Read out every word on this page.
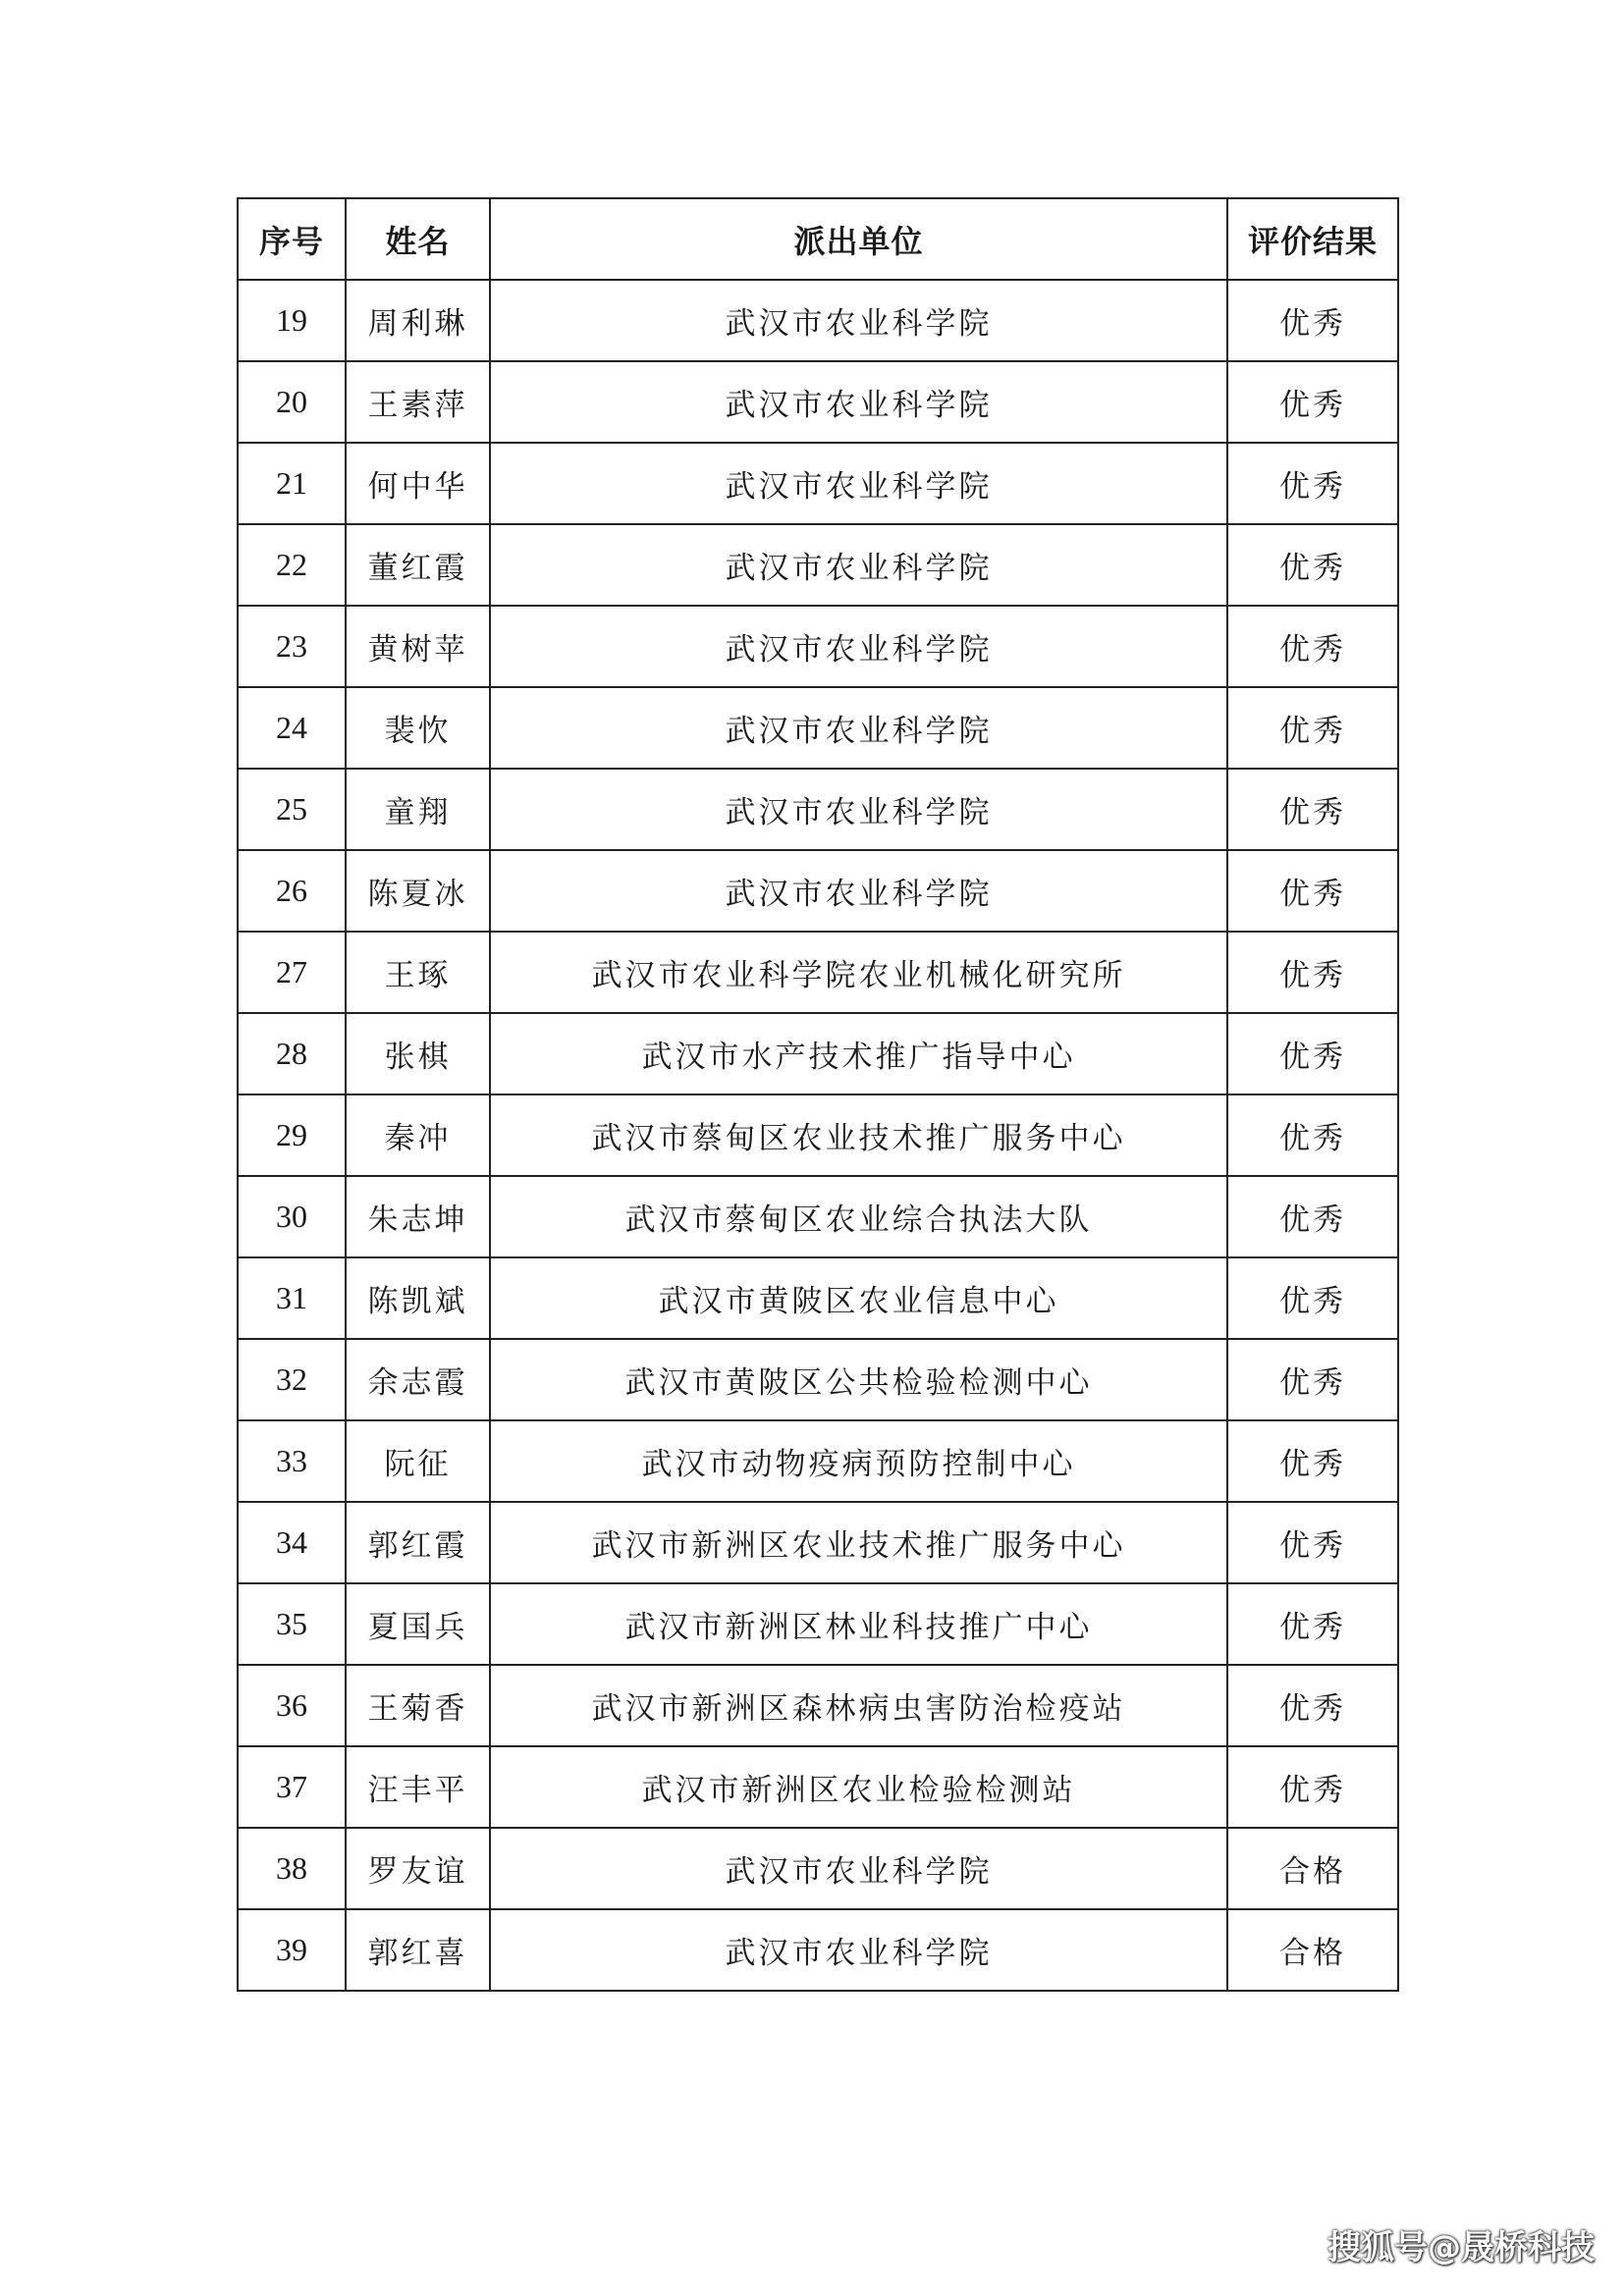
序号	姓名	派出单位	评价结果
19	周利琳	武汉市农业科学院	优秀
20	王素萍	武汉市农业科学院	优秀
21	何中华	武汉市农业科学院	优秀
22	董红霞	武汉市农业科学院	优秀
23	黄树苹	武汉市农业科学院	优秀
24	裴忺	武汉市农业科学院	优秀
25	童翔	武汉市农业科学院	优秀
26	陈夏冰	武汉市农业科学院	优秀
27	王琢	武汉市农业科学院农业机械化研究所	优秀
28	张棋	武汉市水产技术推广指导中心	优秀
29	秦冲	武汉市蔡甸区农业技术推广服务中心	优秀
30	朱志坤	武汉市蔡甸区农业综合执法大队	优秀
31	陈凯斌	武汉市黄陂区农业信息中心	优秀
32	余志霞	武汉市黄陂区公共检验检测中心	优秀
33	阮征	武汉市动物疫病预防控制中心	优秀
34	郭红霞	武汉市新洲区农业技术推广服务中心	优秀
35	夏国兵	武汉市新洲区林业科技推广中心	优秀
36	王菊香	武汉市新洲区森林病虫害防治检疫站	优秀
37	汪丰平	武汉市新洲区农业检验检测站	优秀
38	罗友谊	武汉市农业科学院	合格
39	郭红喜	武汉市农业科学院	合格
搜狐号@晟桥科技
